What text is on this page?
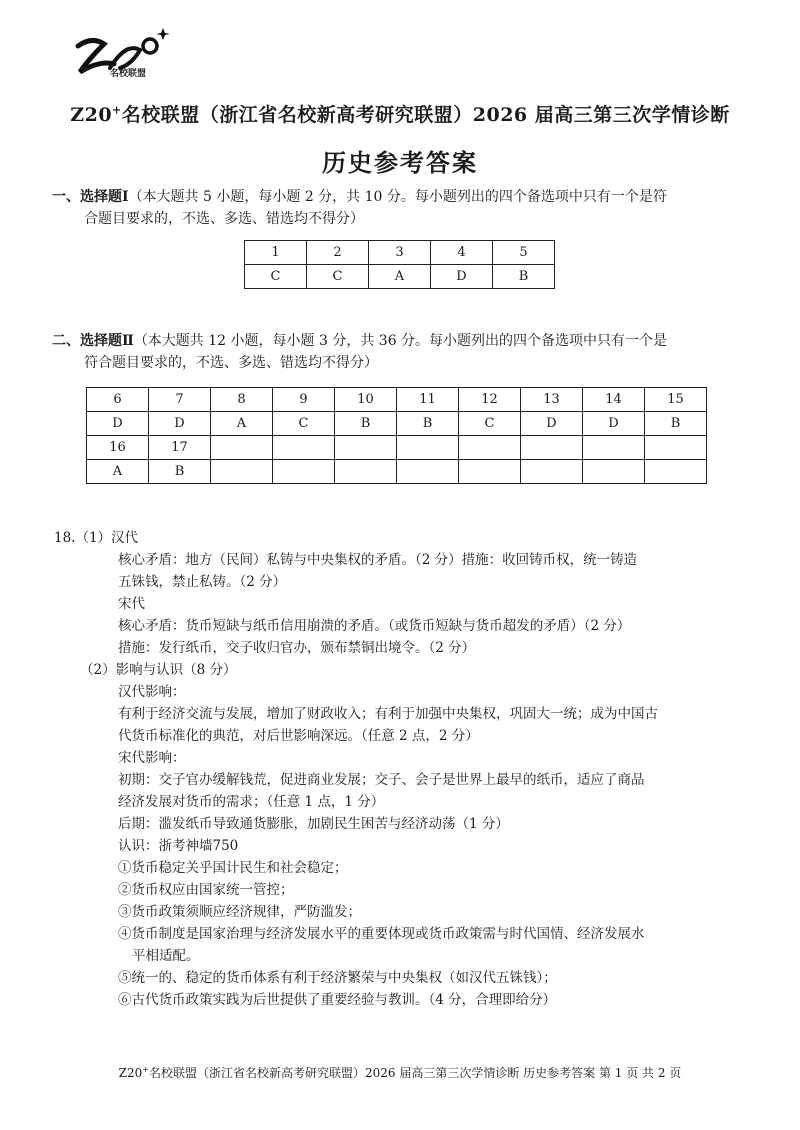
名校联盟
Z20+名校联盟（浙江省名校新高考研究联盟）2026 届高三第三次学情诊断
历史参考答案
一、选择题Ⅰ（本大题共 5 小题，每小题 2 分，共 10 分。每小题列出的四个备选项中只有一个是符
合题目要求的，不选、多选、错选均不得分）
1	2	3	4	5
C	C	A	D	B
二、选择题Ⅱ（本大题共 12 小题，每小题 3 分，共 36 分。每小题列出的四个备选项中只有一个是
符合题目要求的，不选、多选、错选均不得分）
6	7	8	9	10	11	12	13	14	15
D	D	A	C	B	B	C	D	D	B
16	17								
A	B								
18.（1）汉代
核心矛盾：地方（民间）私铸与中央集权的矛盾。（2 分）措施：收回铸币权，统一铸造
五铢钱，禁止私铸。（2 分）
宋代
核心矛盾：货币短缺与纸币信用崩溃的矛盾。（或货币短缺与货币超发的矛盾）（2 分）
措施：发行纸币，交子收归官办，颁布禁铜出境令。（2 分）
（2）影响与认识（8 分）
汉代影响：
有利于经济交流与发展，增加了财政收入；有利于加强中央集权，巩固大一统；成为中国古
代货币标准化的典范，对后世影响深远。（任意 2 点，2 分）
宋代影响：
初期：交子官办缓解钱荒，促进商业发展；交子、会子是世界上最早的纸币，适应了商品
经济发展对货币的需求；（任意 1 点，1 分）
后期：滥发纸币导致通货膨胀，加剧民生困苦与经济动荡（1 分）
认识：浙考神墙750
①货币稳定关乎国计民生和社会稳定；
②货币权应由国家统一管控；
③货币政策须顺应经济规律，严防滥发；
④货币制度是国家治理与经济发展水平的重要体现或货币政策需与时代国情、经济发展水
平相适配。
⑤统一的、稳定的货币体系有利于经济繁荣与中央集权（如汉代五铢钱）；
⑥古代货币政策实践为后世提供了重要经验与教训。（4 分，合理即给分）
Z20+名校联盟（浙江省名校新高考研究联盟）2026 届高三第三次学情诊断 历史参考答案 第 1 页 共 2 页
